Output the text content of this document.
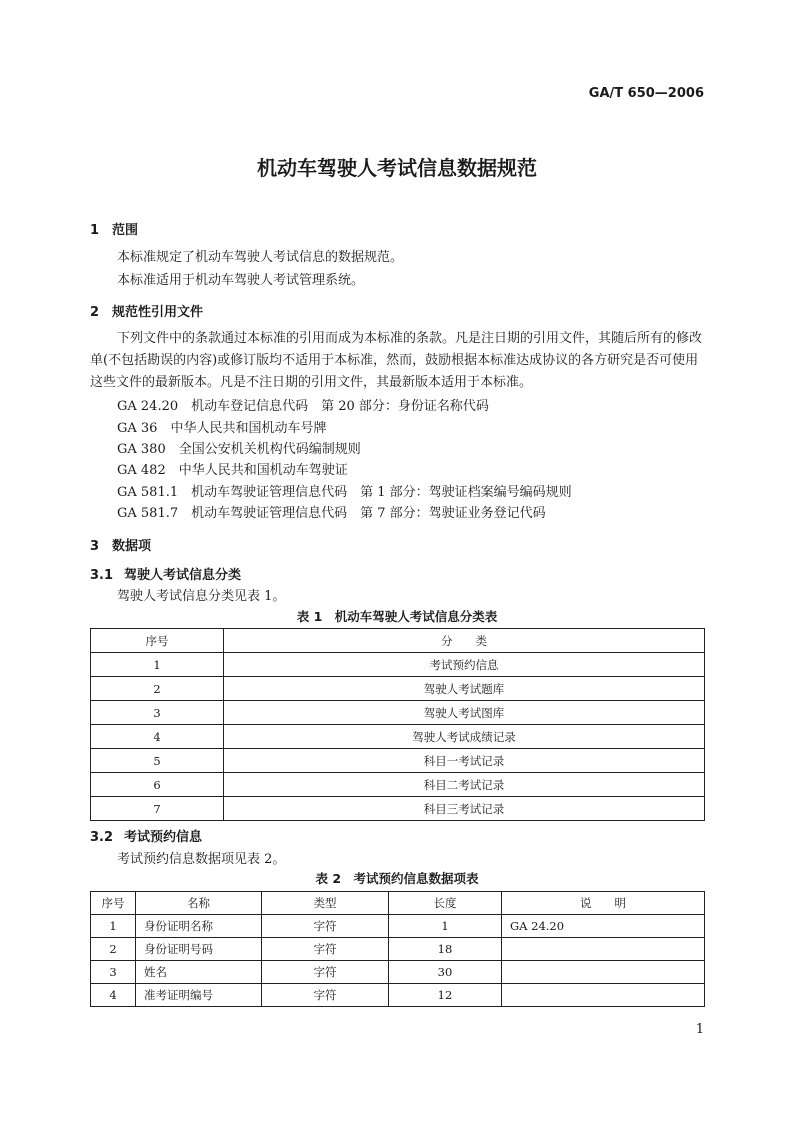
GA/T 650—2006
机动车驾驶人考试信息数据规范
1 范围
本标准规定了机动车驾驶人考试信息的数据规范。
本标准适用于机动车驾驶人考试管理系统。
2 规范性引用文件
下列文件中的条款通过本标准的引用而成为本标准的条款。凡是注日期的引用文件，其随后所有的修改单(不包括勘误的内容)或修订版均不适用于本标准，然而，鼓励根据本标准达成协议的各方研究是否可使用这些文件的最新版本。凡是不注日期的引用文件，其最新版本适用于本标准。
GA 24.20　机动车登记信息代码　第 20 部分：身份证名称代码
GA 36　中华人民共和国机动车号牌
GA 380　全国公安机关机构代码编制规则
GA 482　中华人民共和国机动车驾驶证
GA 581.1　机动车驾驶证管理信息代码　第 1 部分：驾驶证档案编号编码规则
GA 581.7　机动车驾驶证管理信息代码　第 7 部分：驾驶证业务登记代码
3 数据项
3.1 驾驶人考试信息分类
驾驶人考试信息分类见表 1。
表 1　机动车驾驶人考试信息分类表
序号	分　　类
1	考试预约信息
2	驾驶人考试题库
3	驾驶人考试图库
4	驾驶人考试成绩记录
5	科目一考试记录
6	科目二考试记录
7	科目三考试记录
3.2 考试预约信息
考试预约信息数据项见表 2。
表 2　考试预约信息数据项表
序号	名称	类型	长度	说　　明
1	身份证明名称	字符	1	GA 24.20
2	身份证明号码	字符	18	
3	姓名	字符	30	
4	准考证明编号	字符	12	
1
